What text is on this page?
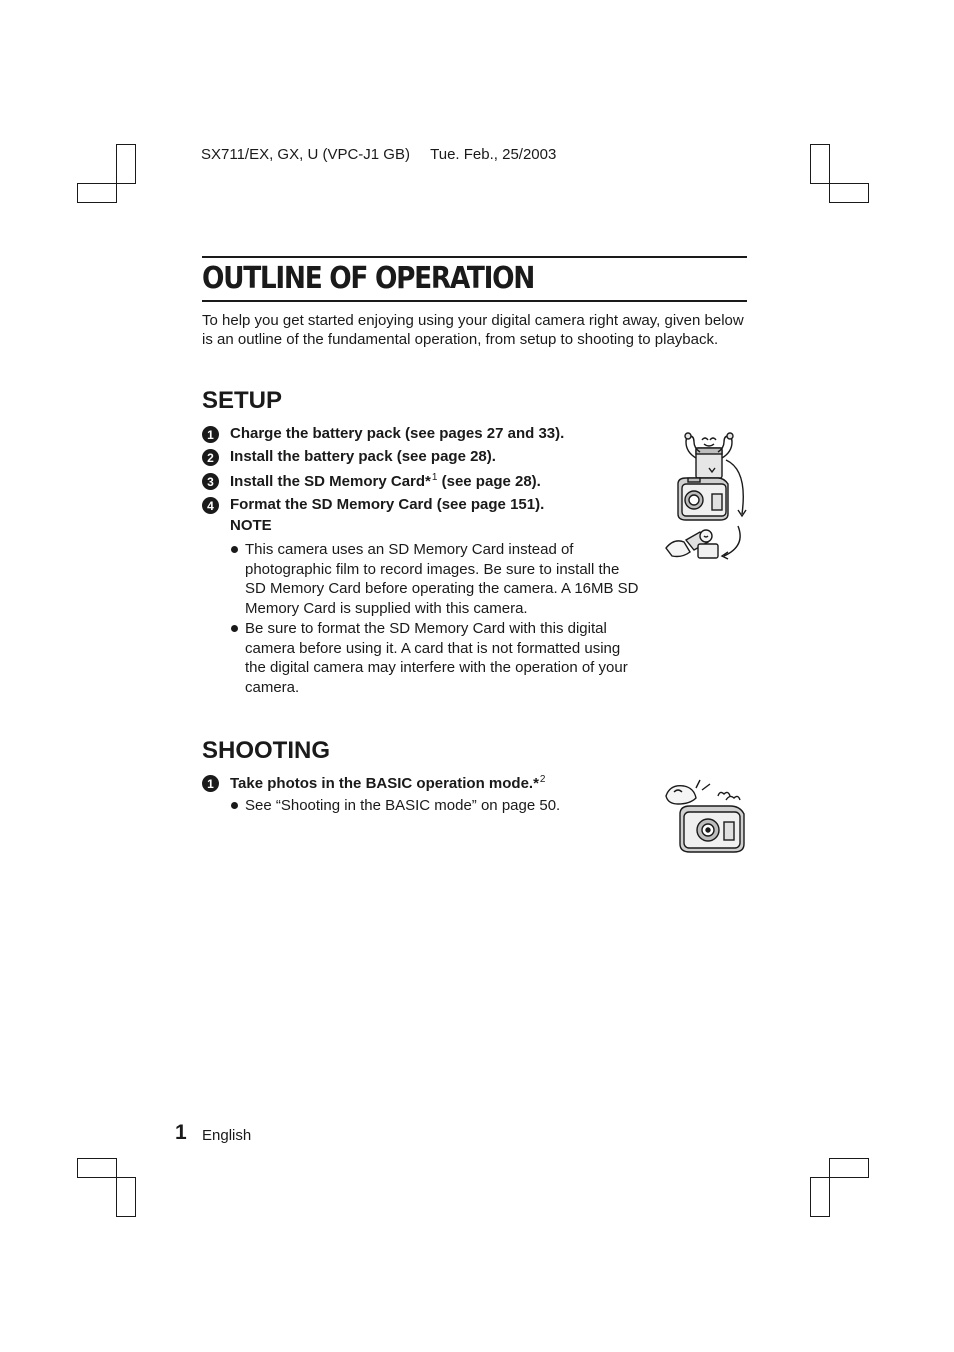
SX711/EX, GX, U (VPC-J1 GB) Tue. Feb., 25/2003
OUTLINE OF OPERATION
To help you get started enjoying using your digital camera right away, given below is an outline of the fundamental operation, from setup to shooting to playback.
SETUP
1	Charge the battery pack (see pages 27 and 33).
2	Install the battery pack (see page 28).
3	Install the SD Memory Card*$^1$ (see page 28).
4	Format the SD Memory Card (see page 151).
NOTE
This camera uses an SD Memory Card instead of photographic film to record images. Be sure to install the SD Memory Card before operating the camera. A 16MB SD Memory Card is supplied with this camera.
Be sure to format the SD Memory Card with this digital camera before using it. A card that is not formatted using the digital camera may interfere with the operation of your camera.
SHOOTING
1	Take photos in the BASIC operation mode.*$^2$
See “Shooting in the BASIC mode” on page 50.
1 English
